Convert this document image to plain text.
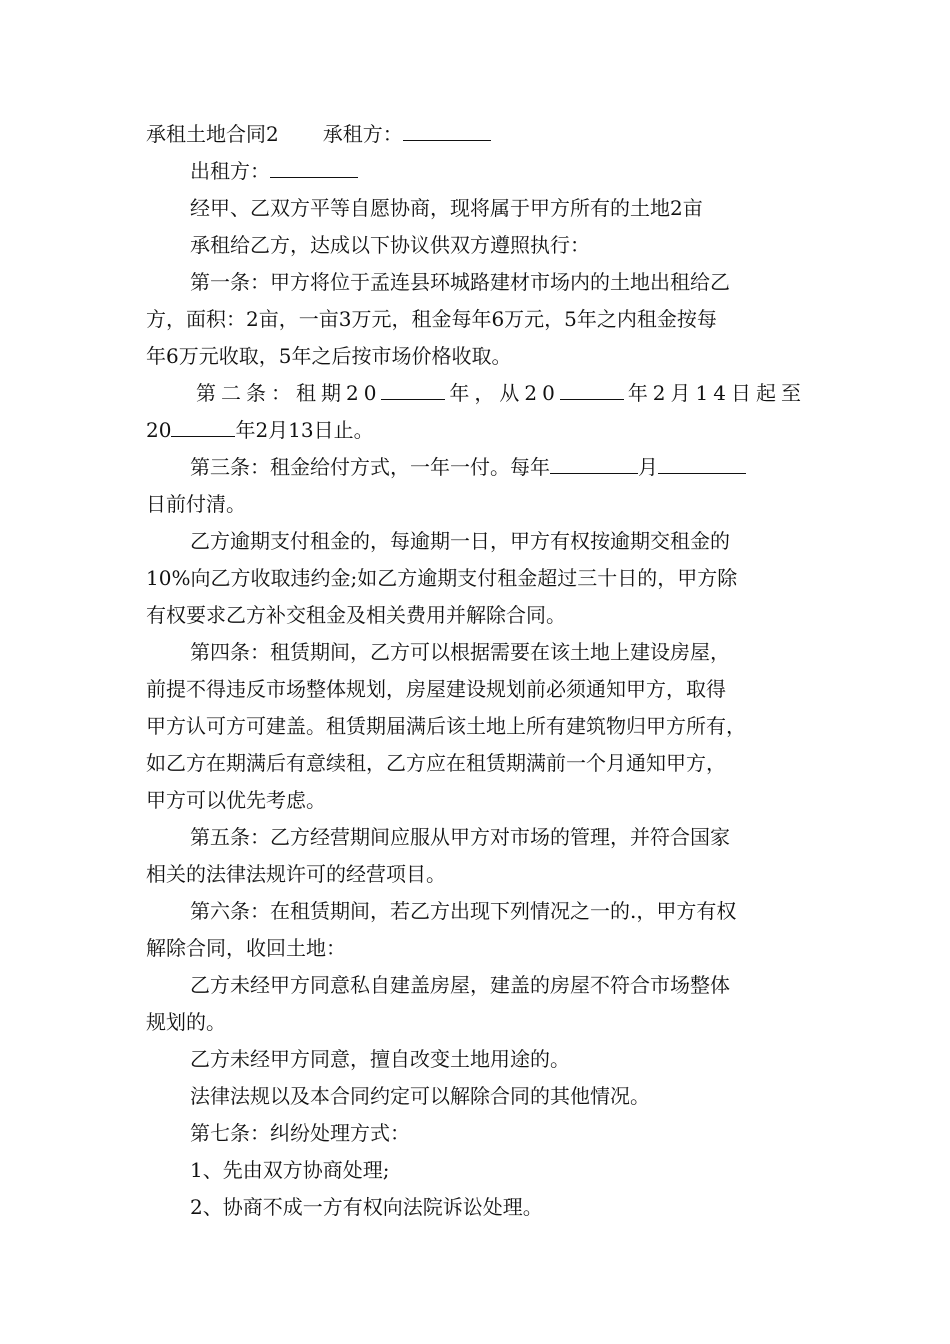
承租土地合同2 承租方：
出租方：
经甲、乙双方平等自愿协商，现将属于甲方所有的土地2亩
承租给乙方，达成以下协议供双方遵照执行：
第一条：甲方将位于孟连县环城路建材市场内的土地出租给乙
方，面积：2亩，一亩3万元，租金每年6万元，5年之内租金按每
年6万元收取，5年之后按市场价格收取。
第二条：租期20	年，从20	年2月14日起至
20	年2月13日止。
第三条：租金给付方式，一年一付。每年	月
日前付清。
乙方逾期支付租金的，每逾期一日，甲方有权按逾期交租金的
10%向乙方收取违约金;如乙方逾期支付租金超过三十日的，甲方除
有权要求乙方补交租金及相关费用并解除合同。
第四条：租赁期间，乙方可以根据需要在该土地上建设房屋，
前提不得违反市场整体规划，房屋建设规划前必须通知甲方，取得
甲方认可方可建盖。租赁期届满后该土地上所有建筑物归甲方所有，
如乙方在期满后有意续租，乙方应在租赁期满前一个月通知甲方，
甲方可以优先考虑。
第五条：乙方经营期间应服从甲方对市场的管理，并符合国家
相关的法律法规许可的经营项目。
第六条：在租赁期间，若乙方出现下列情况之一的.，甲方有权
解除合同，收回土地：
乙方未经甲方同意私自建盖房屋，建盖的房屋不符合市场整体
规划的。
乙方未经甲方同意，擅自改变土地用途的。
法律法规以及本合同约定可以解除合同的其他情况。
第七条：纠纷处理方式：
1、先由双方协商处理;
2、协商不成一方有权向法院诉讼处理。
